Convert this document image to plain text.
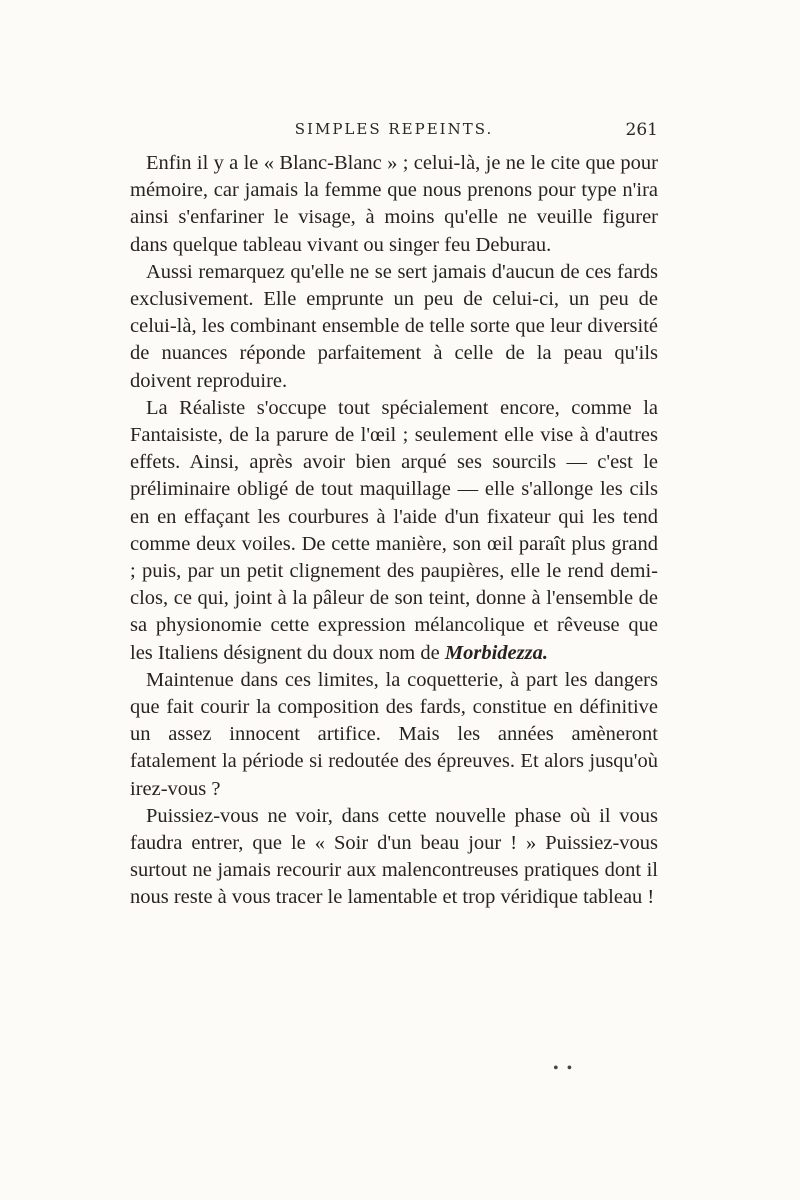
SIMPLES REPEINTS.	261

Enfin il y a le « Blanc-Blanc » ; celui-là, je ne le cite que pour mémoire, car jamais la femme que nous prenons pour type n'ira ainsi s'enfariner le visage, à moins qu'elle ne veuille figurer dans quelque tableau vivant ou singer feu Deburau.

Aussi remarquez qu'elle ne se sert jamais d'aucun de ces fards exclusivement. Elle emprunte un peu de celui-ci, un peu de celui-là, les combinant ensemble de telle sorte que leur diversité de nuances réponde parfaitement à celle de la peau qu'ils doivent reproduire.

La Réaliste s'occupe tout spécialement encore, comme la Fantaisiste, de la parure de l'œil ; seulement elle vise à d'autres effets. Ainsi, après avoir bien arqué ses sourcils — c'est le préliminaire obligé de tout maquillage — elle s'allonge les cils en en effaçant les courbures à l'aide d'un fixateur qui les tend comme deux voiles. De cette manière, son œil paraît plus grand ; puis, par un petit clignement des paupières, elle le rend demi-clos, ce qui, joint à la pâleur de son teint, donne à l'ensemble de sa physionomie cette expression mélancolique et rêveuse que les Italiens désignent du doux nom de Morbidezza.

Maintenue dans ces limites, la coquetterie, à part les dangers que fait courir la composition des fards, constitue en définitive un assez innocent artifice. Mais les années amèneront fatalement la période si redoutée des épreuves. Et alors jusqu'où irez-vous ?

Puissiez-vous ne voir, dans cette nouvelle phase où il vous faudra entrer, que le « Soir d'un beau jour ! » Puissiez-vous surtout ne jamais recourir aux malencontreuses pratiques dont il nous reste à vous tracer le lamentable et trop véridique tableau !

• •
